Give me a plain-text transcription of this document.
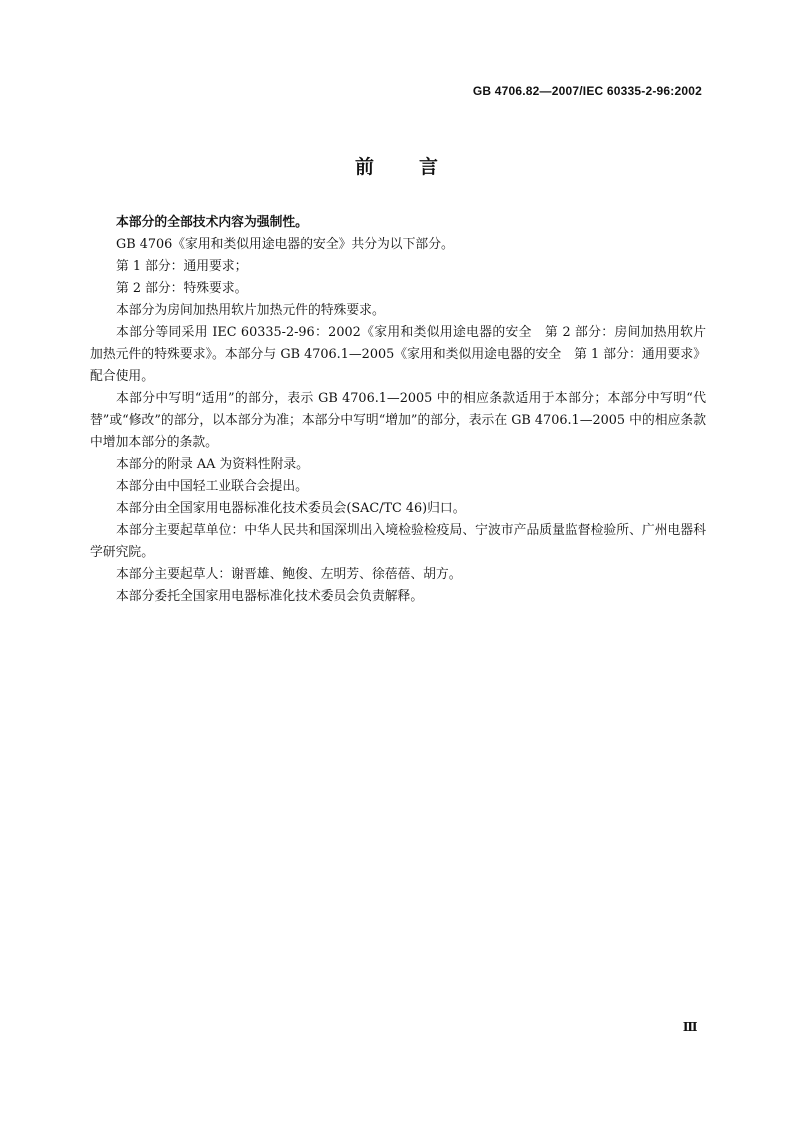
GB 4706.82—2007/IEC 60335-2-96:2002
前 言

本部分的全部技术内容为强制性。

GB 4706《家用和类似用途电器的安全》共分为以下部分。

第 1 部分：通用要求；

第 2 部分：特殊要求。

本部分为房间加热用软片加热元件的特殊要求。

本部分等同采用 IEC 60335-2-96：2002《家用和类似用途电器的安全　第 2 部分：房间加热用软片加热元件的特殊要求》。本部分与 GB 4706.1—2005《家用和类似用途电器的安全　第 1 部分：通用要求》配合使用。

本部分中写明“适用”的部分，表示 GB 4706.1—2005 中的相应条款适用于本部分；本部分中写明“代替”或“修改”的部分，以本部分为准；本部分中写明“增加”的部分，表示在 GB 4706.1—2005 中的相应条款中增加本部分的条款。

本部分的附录 AA 为资料性附录。

本部分由中国轻工业联合会提出。

本部分由全国家用电器标准化技术委员会(SAC/TC 46)归口。

本部分主要起草单位：中华人民共和国深圳出入境检验检疫局、宁波市产品质量监督检验所、广州电器科学研究院。

本部分主要起草人：谢晋雄、鲍俊、左明芳、徐蓓蓓、胡方。

本部分委托全国家用电器标准化技术委员会负责解释。

Ⅲ
